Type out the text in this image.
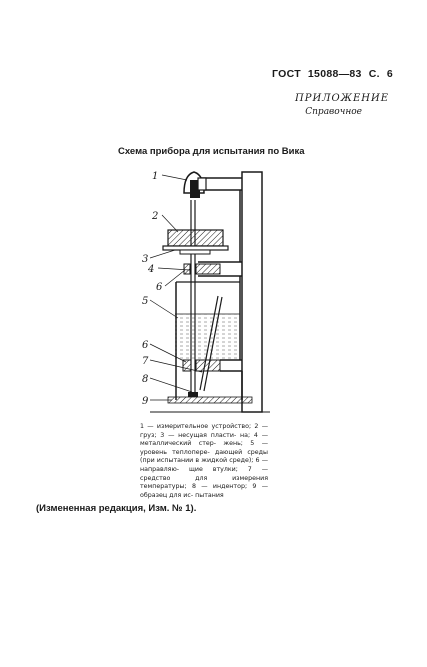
ГОСТ 15088—83 С. 6
ПРИЛОЖЕНИЕ
Справочное
Схема прибора для испытания по Вика
1
2
3
4
6
5
6
7
8
9
1 — измерительное устройство; 2 — груз; 3 — несущая пласти- на; 4 — металлический стер- жень; 5 — уровень теплопере- дающей среды (при испытании в жидкой среде); 6 — направляю- щие втулки; 7 — средство для измерения температуры; 8 — индентор; 9 — образец для ис- пытания
(Измененная редакция, Изм. № 1).
